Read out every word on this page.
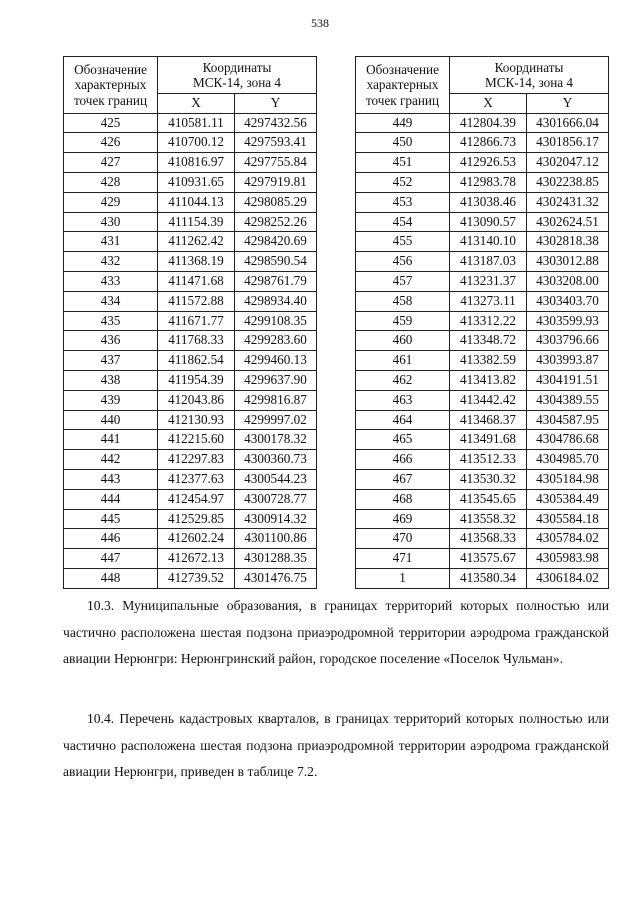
538
Обозначение характерных точек границ	Координаты
МСК-14, зона 4	
	X	Y
425	410581.11	4297432.56
426	410700.12	4297593.41
427	410816.97	4297755.84
428	410931.65	4297919.81
429	411044.13	4298085.29
430	411154.39	4298252.26
431	411262.42	4298420.69
432	411368.19	4298590.54
433	411471.68	4298761.79
434	411572.88	4298934.40
435	411671.77	4299108.35
436	411768.33	4299283.60
437	411862.54	4299460.13
438	411954.39	4299637.90
439	412043.86	4299816.87
440	412130.93	4299997.02
441	412215.60	4300178.32
442	412297.83	4300360.73
443	412377.63	4300544.23
444	412454.97	4300728.77
445	412529.85	4300914.32
446	412602.24	4301100.86
447	412672.13	4301288.35
448	412739.52	4301476.75
Обозначение характерных точек границ	Координаты
МСК-14, зона 4	
	X	Y
449	412804.39	4301666.04
450	412866.73	4301856.17
451	412926.53	4302047.12
452	412983.78	4302238.85
453	413038.46	4302431.32
454	413090.57	4302624.51
455	413140.10	4302818.38
456	413187.03	4303012.88
457	413231.37	4303208.00
458	413273.11	4303403.70
459	413312.22	4303599.93
460	413348.72	4303796.66
461	413382.59	4303993.87
462	413413.82	4304191.51
463	413442.42	4304389.55
464	413468.37	4304587.95
465	413491.68	4304786.68
466	413512.33	4304985.70
467	413530.32	4305184.98
468	413545.65	4305384.49
469	413558.32	4305584.18
470	413568.33	4305784.02
471	413575.67	4305983.98
1	413580.34	4306184.02

10.3. Муниципальные образования, в границах территорий которых полностью или частично расположена шестая подзона приаэродромной территории аэродрома гражданской авиации Нерюнгри: Нерюнгринский район, городское поселение «Поселок Чульман».

10.4. Перечень кадастровых кварталов, в границах территорий которых полностью или частично расположена шестая подзона приаэродромной территории аэродрома гражданской авиации Нерюнгри, приведен в таблице 7.2.
